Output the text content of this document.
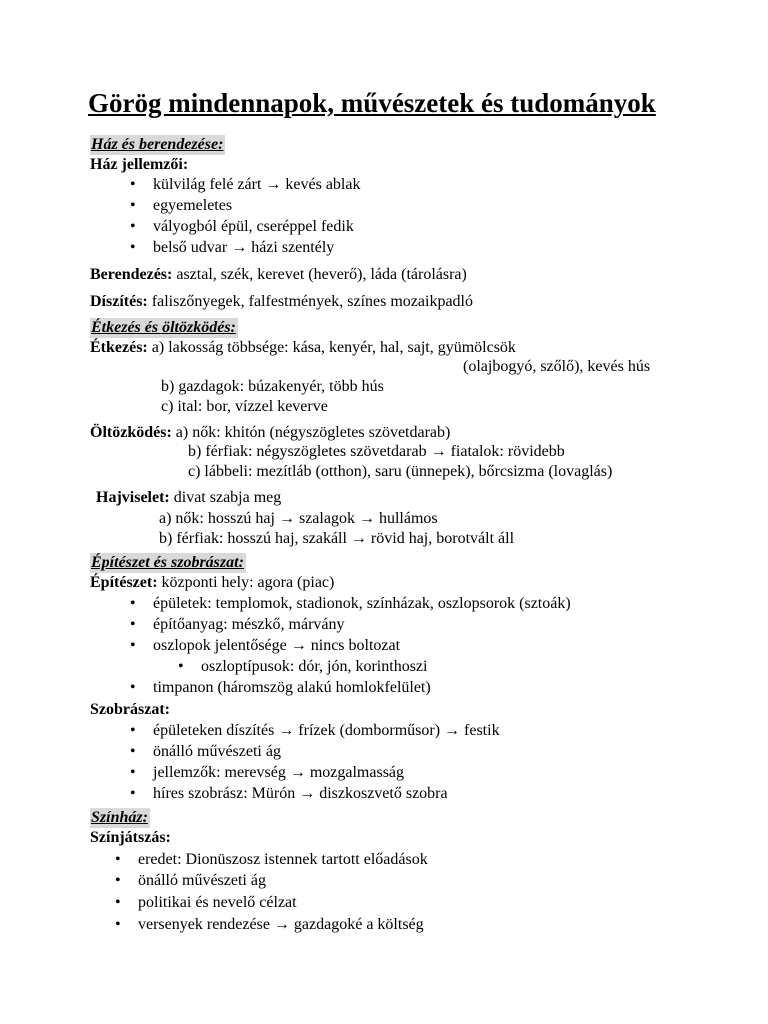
Görög mindennapok, művészetek és tudományok
Ház és berendezése:
Ház jellemzői:
• külvilág felé zárt → kevés ablak
• egyemeletes
• vályogból épül, cseréppel fedik
• belső udvar → házi szentély

Berendezés: asztal, szék, kerevet (heverő), láda (tárolásra)

Díszítés: faliszőnyegek, falfestmények, színes mozaikpadló

Étkezés és öltözködés:

Étkezés: a) lakosság többsége: kása, kenyér, hal, sajt, gyümölcsök

(olajbogyó, szőlő), kevés hús

b) gazdagok: búzakenyér, több hús

c) ital: bor, vízzel keverve

Öltözködés: a) nők: khitón (négyszögletes szövetdarab)

b) férfiak: négyszögletes szövetdarab → fiatalok: rövidebb

c) lábbeli: mezítláb (otthon), saru (ünnepek), bőrcsizma (lovaglás)

Hajviselet: divat szabja meg

a) nők: hosszú haj → szalagok → hullámos

b) férfiak: hosszú haj, szakáll → rövid haj, borotvált áll

Építészet és szobrászat:

Építészet: központi hely: agora (piac)

• épületek: templomok, stadionok, színházak, oszlopsorok (sztoák)
• építőanyag: mészkő, márvány
• oszlopok jelentősége → nincs boltozat
• oszloptípusok: dór, jón, korinthoszi
• timpanon (háromszög alakú homlokfelület)
Szobrászat:
• épületeken díszítés → frízek (domborműsor) → festik
• önálló művészeti ág
• jellemzők: merevség → mozgalmasság
• híres szobrász: Mürón → diszkoszvető szobra
Színház:
Színjátszás:
• eredet: Dionüszosz istennek tartott előadások
• önálló művészeti ág
• politikai és nevelő célzat
• versenyek rendezése → gazdagoké a költség
